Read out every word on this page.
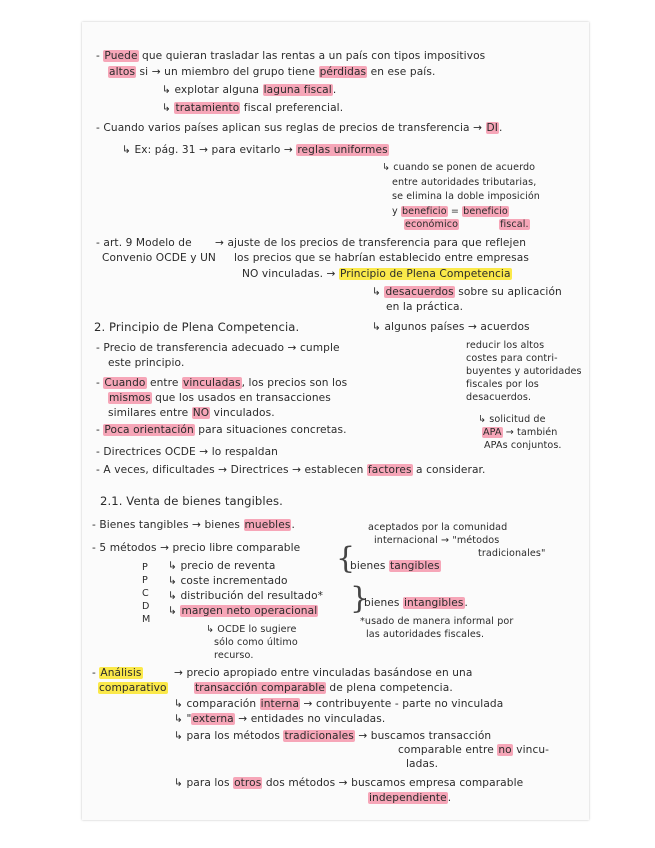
- Puede que quieran trasladar las rentas a un país con tipos impositivos
altos si → un miembro del grupo tiene pérdidas en ese país.
↳ explotar alguna laguna fiscal.
↳ tratamiento fiscal preferencial.
- Cuando varios países aplican sus reglas de precios de transferencia → DI.
↳ Ex: pág. 31 → para evitarlo → reglas uniformes
↳ cuando se ponen de acuerdo
entre autoridades tributarias,
se elimina la doble imposición
y beneficio = beneficio
económico	fiscal.
- art. 9 Modelo de → ajuste de los precios de transferencia para que reflejen
Convenio OCDE y UN los precios que se habrían establecido entre empresas
NO vinculadas. → Principio de Plena Competencia
↳ desacuerdos sobre su aplicación
en la práctica.
2. Principio de Plena Competencia.	↳ algunos países → acuerdos
- Precio de transferencia adecuado → cumple	reducir los altos
este principio.	costes para contri-
- Cuando entre vinculadas, los precios son los
buyentes y autoridades
mismos que los usados en transacciones
fiscales por los
similares entre NO vinculados.
desacuerdos.
- Poca orientación para situaciones concretas.
↳ solicitud de
APA → también
- Directrices OCDE → lo respaldan
APAs conjuntos.
- A veces, dificultades → Directrices → establecen factores a considerar.
2.1. Venta de bienes tangibles.
- Bienes tangibles → bienes muebles.	aceptados por la comunidad
internacional → "métodos
- 5 métodos → precio libre comparable	tradicionales"
P
P
C
D
M
↳ precio de reventa {
bienes tangibles
↳ coste incrementado
↳ distribución del resultado* }
bienes intangibles.
↳ margen neto operacional
*usado de manera informal por
↳ OCDE lo sugiere	las autoridades fiscales.
sólo como último
recurso.
- Análisis	→ precio apropiado entre vinculadas basándose en una
comparativo	transacción comparable de plena competencia.
↳ comparación interna → contribuyente - parte no vinculada
↳ "externa → entidades no vinculadas.
↳ para los métodos tradicionales → buscamos transacción
comparable entre no vincu-
ladas.
↳ para los otros dos métodos → buscamos empresa comparable
independiente.
